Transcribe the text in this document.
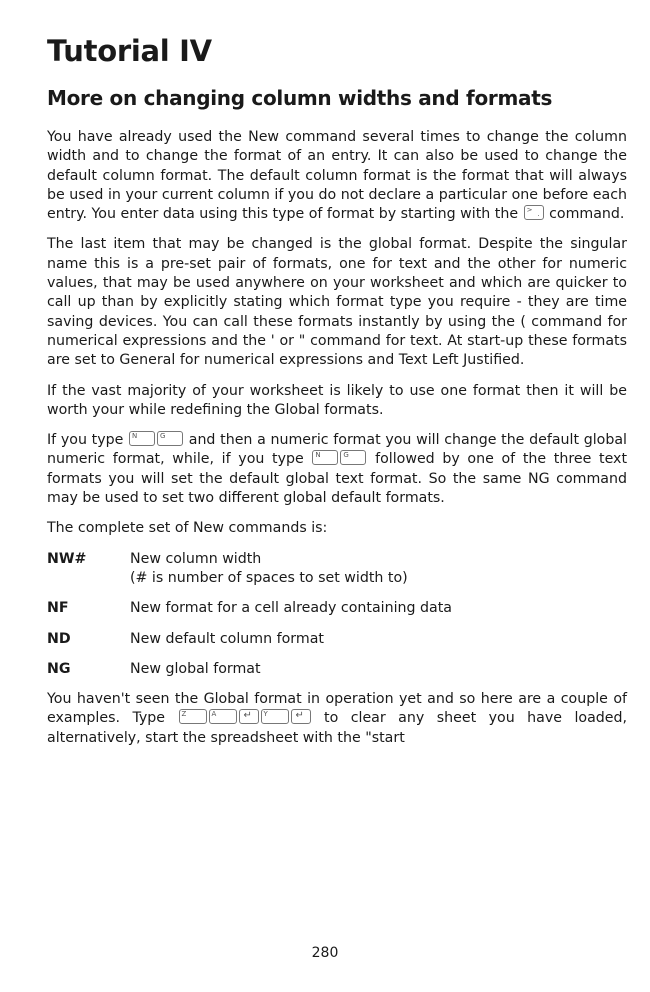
Tutorial IV
More on changing column widths and formats

You have already used the New command several times to change the column width and to change the format of an entry. It can also be used to change the default column format. The default column format is the format that will always be used in your current column if you do not declare a particular one before each entry. You enter data using this type of format by starting with the > . command.

The last item that may be changed is the global format. Despite the singular name this is a pre-set pair of formats, one for text and the other for numeric values, that may be used anywhere on your worksheet and which are quicker to call up than by explicitly stating which format type you require - they are time saving devices. You can call these formats instantly by using the ( command for numerical expressions and the ' or " command for text. At start-up these formats are set to General for numerical expressions and Text Left Justified.

If the vast majority of your worksheet is likely to use one format then it will be worth your while redefining the Global formats.

If you type N	G and then a numeric format you will change the default global numeric format, while, if you type N	G followed by one of the three text formats you will set the default global text format. So the same NG command may be used to set two different global default formats.

The complete set of New commands is:

NW#	New column width
(# is number of spaces to set width to)
NF	New format for a cell already containing data
ND	New default column format
NG	New global format

You haven't seen the Global format in operation yet and so here are a couple of examples. Type Z	A	↵ Y	↵ to clear any sheet you have loaded, alternatively, start the spreadsheet with the "start

280
